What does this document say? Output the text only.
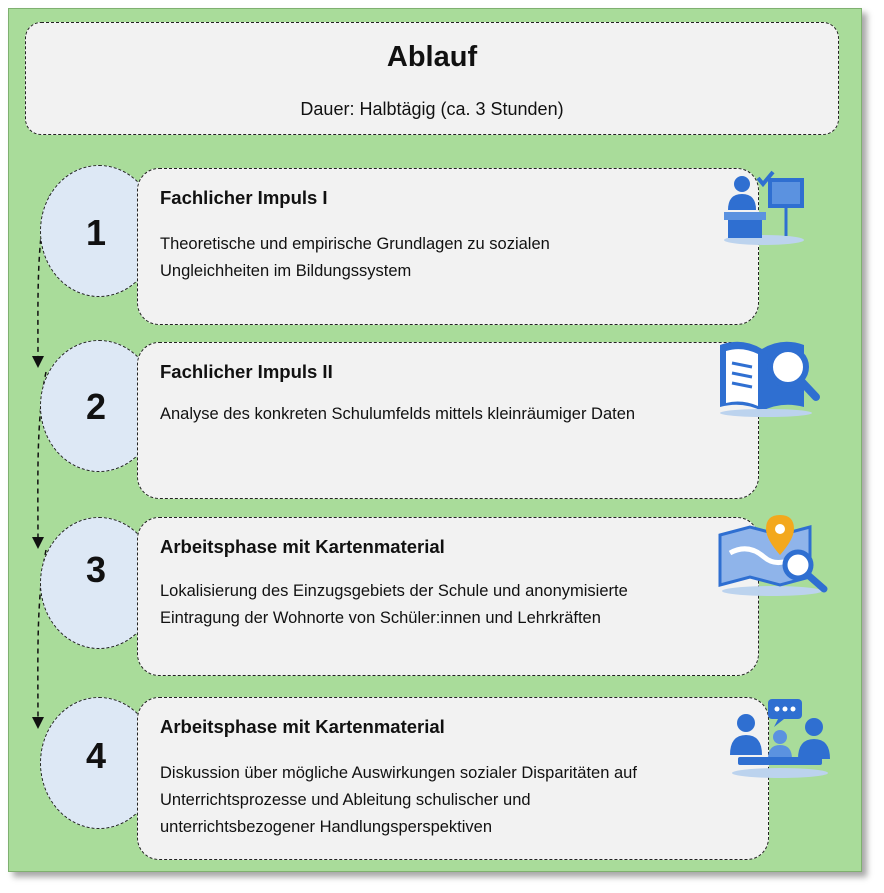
Ablauf
Dauer: Halbtägig (ca. 3 Stunden)
1
Fachlicher Impuls I
Theoretische und empirische Grundlagen zu sozialen
Ungleichheiten im Bildungssystem
2
Fachlicher Impuls II
Analyse des konkreten Schulumfelds mittels kleinräumiger Daten
3
Arbeitsphase mit Kartenmaterial
Lokalisierung des Einzugsgebiets der Schule und anonymisierte
Eintragung der Wohnorte von Schüler:innen und Lehrkräften
4
Arbeitsphase mit Kartenmaterial
Diskussion über mögliche Auswirkungen sozialer Disparitäten auf
Unterrichtsprozesse und Ableitung schulischer und
unterrichtsbezogener Handlungsperspektiven
